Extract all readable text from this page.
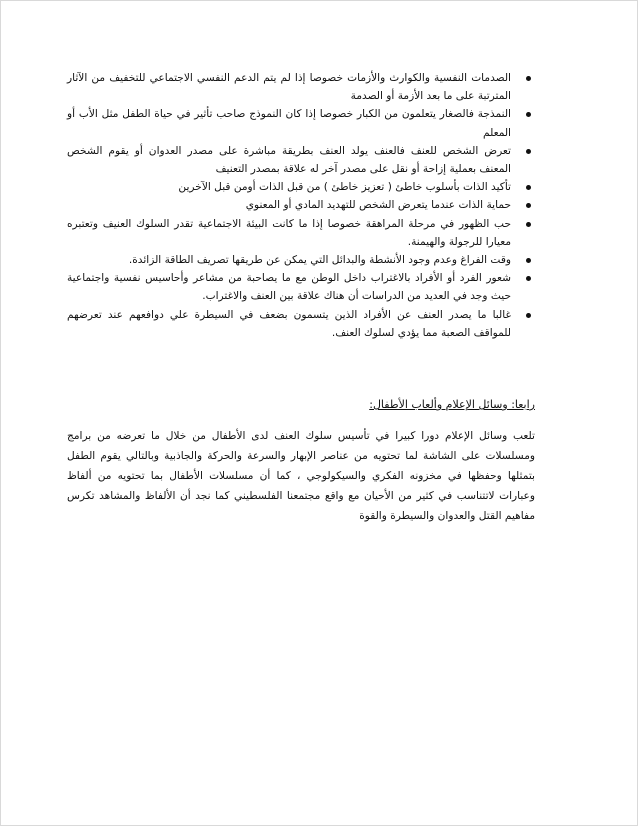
الصدمات النفسية والكوارث والأزمات خصوصا إذا لم يتم الدعم النفسي الاجتماعي للتخفيف من الآثار المترتبة على ما بعد الأزمة أو الصدمة
النمذجة فالصغار يتعلمون من الكبار خصوصا إذا كان النموذج صاحب تأثير في حياة الطفل مثل الأب أو المعلم
تعرض الشخص للعنف فالعنف يولد العنف بطريقة مباشرة على مصدر العدوان أو يقوم الشخص المعنف بعملية إزاحة أو نقل على مصدر آخر له علاقة بمصدر التعنيف
تأكيد الذات بأسلوب خاطئ ( تعزيز خاطئ ) من قبل الذات أومن قبل الآخرين
حماية الذات عندما يتعرض الشخص للتهديد المادي أو المعنوي
حب الظهور في مرحلة المراهقة خصوصا إذا ما كانت البيئة الاجتماعية تقدر السلوك العنيف وتعتبره معيارا للرجولة والهيمنة.
وقت الفراغ وعدم وجود الأنشطة والبدائل التي يمكن عن طريقها تصريف الطاقة الزائدة.
شعور الفرد أو الأفراد بالاغتراب داخل الوطن مع ما يصاحبة من مشاعر وأحاسيس نفسية واجتماعية حيث وجد في العديد من الدراسات أن هناك علاقة بين العنف والاغتراب.
غالبا ما يصدر العنف عن الأفراد الذين يتسمون بضعف في السيطرة علي دوافعهم عند تعرضهم للمواقف الصعبة مما يؤدي لسلوك العنف.
رابعا: وسائل الإعلام وألعاب الأطفال:

تلعب وسائل الإعلام دورا كبيرا في تأسيس سلوك العنف لدى الأطفال من خلال ما تعرضه من برامج ومسلسلات على الشاشة لما تحتويه من عناصر الإبهار والسرعة والحركة والجاذبية وبالتالي يقوم الطفل بتمثلها وحفظها في مخزونه الفكري والسيكولوجي ، كما أن مسلسلات الأطفال بما تحتويه من ألفاظ وعبارات لاتتناسب في كثير من الأحيان مع واقع مجتمعنا الفلسطيني كما نجد أن الألفاظ والمشاهد تكرس مفاهيم القتل والعدوان والسيطرة والقوة
